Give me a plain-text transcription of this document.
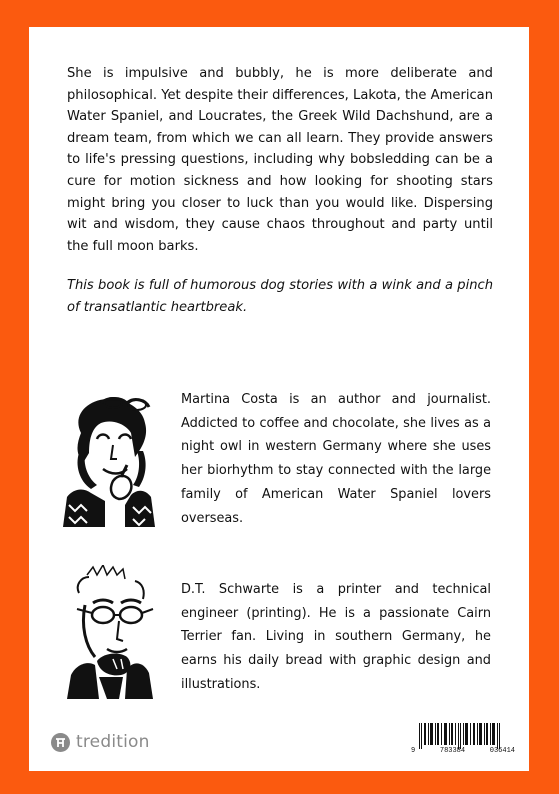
She is impulsive and bubbly, he is more deliberate and philosophical. Yet despite their differences, Lakota, the American Water Spaniel, and Loucrates, the Greek Wild Dachshund, are a dream team, from which we can all learn. They provide answers to life's pressing questions, including why bobsledding can be a cure for motion sickness and how looking for shooting stars might bring you closer to luck than you would like. Dispersing wit and wisdom, they cause chaos throughout and party until the full moon barks.

This book is full of humorous dog stories with a wink and a pinch of transatlantic heartbreak.

Martina Costa is an author and journalist. Addicted to coffee and chocolate, she lives as a night owl in western Germany where she uses her biorhythm to stay connected with the large family of American Water Spaniel lovers overseas.

D.T. Schwarte is a printer and technical engineer (printing). He is a passionate Cairn Terrier fan. Living in southern Germany, he earns his daily bread with graphic design and illustrations.

tredition	9	783384	036414
